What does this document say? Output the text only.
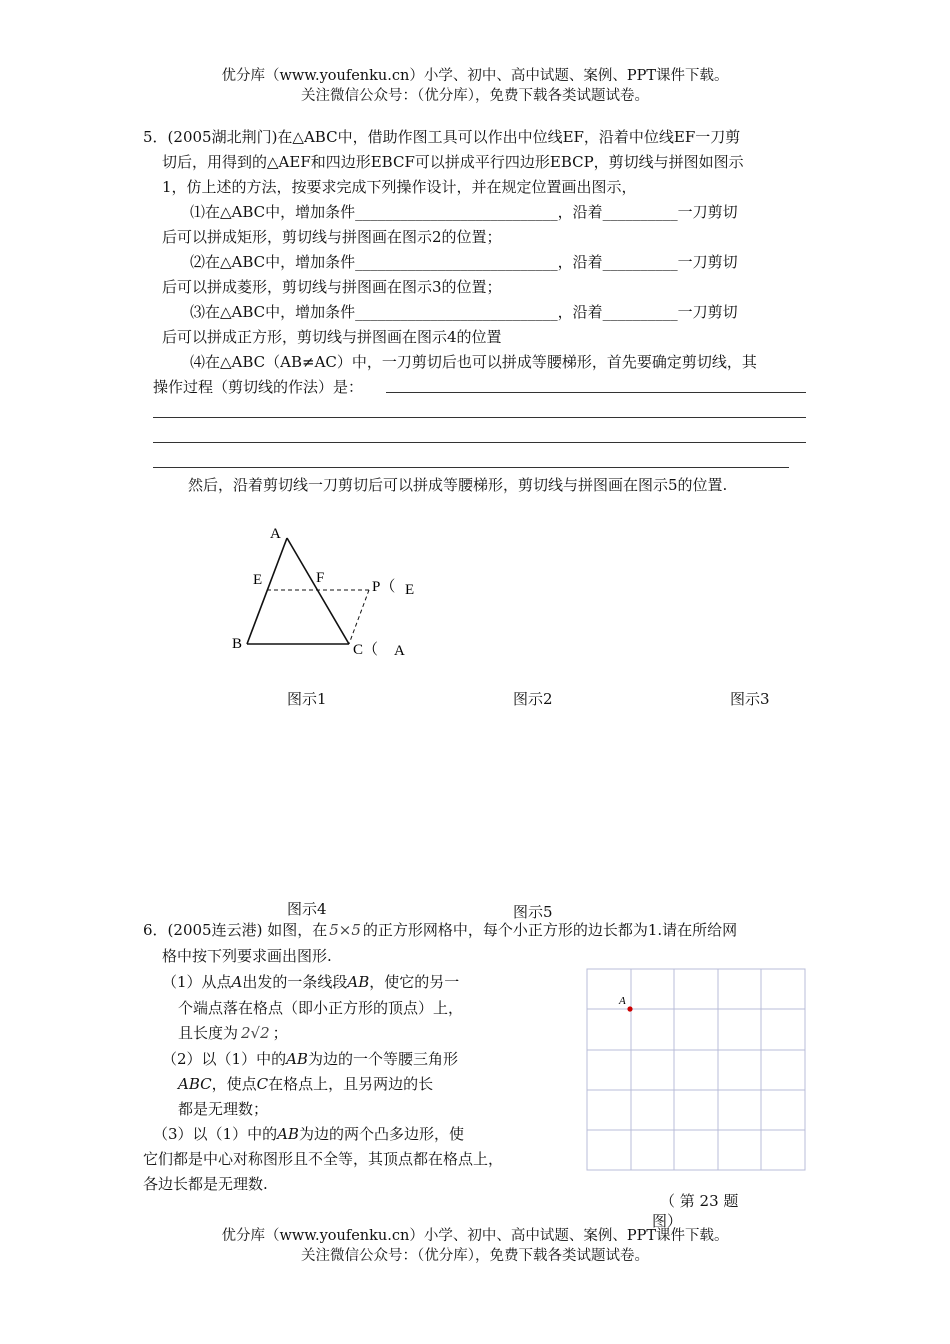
优分库（www.youfenku.cn）小学、初中、高中试题、案例、PPT课件下载。
关注微信公众号：（优分库），免费下载各类试题试卷。
5．(2005湖北荆门)在△ABC中，借助作图工具可以作出中位线EF，沿着中位线EF一刀剪
切后，用得到的△AEF和四边形EBCF可以拼成平行四边形EBCP，剪切线与拼图如图示
1，仿上述的方法，按要求完成下列操作设计，并在规定位置画出图示，
⑴在△ABC中，增加条件___________________________，沿着__________一刀剪切
后可以拼成矩形，剪切线与拼图画在图示2的位置；
⑵在△ABC中，增加条件___________________________，沿着__________一刀剪切
后可以拼成菱形，剪切线与拼图画在图示3的位置；
⑶在△ABC中，增加条件___________________________，沿着__________一刀剪切
后可以拼成正方形，剪切线与拼图画在图示4的位置
⑷在△ABC（AB≠AC）中，一刀剪切后也可以拼成等腰梯形，首先要确定剪切线，其
操作过程（剪切线的作法）是：
然后，沿着剪切线一刀剪切后可以拼成等腰梯形，剪切线与拼图画在图示5的位置.
A
E	F
P（ E
B	C（ A
图示1	图示2	图示3
图示4	图示5
6．(2005连云港) 如图，在 5×5 的正方形网格中，每个小正方形的边长都为1.请在所给网
格中按下列要求画出图形.
（1）从点A出发的一条线段AB，使它的另一
个端点落在格点（即小正方形的顶点）上，
且长度为 2√2 ；
（2）以（1）中的AB为边的一个等腰三角形
ABC，使点C在格点上，且另两边的长
都是无理数；
（3）以（1）中的AB为边的两个凸多边形，使
它们都是中心对称图形且不全等，其顶点都在格点上，
各边长都是无理数.
A
（ 第 23 题
图）
优分库（www.youfenku.cn）小学、初中、高中试题、案例、PPT课件下载。
关注微信公众号：（优分库），免费下载各类试题试卷。
